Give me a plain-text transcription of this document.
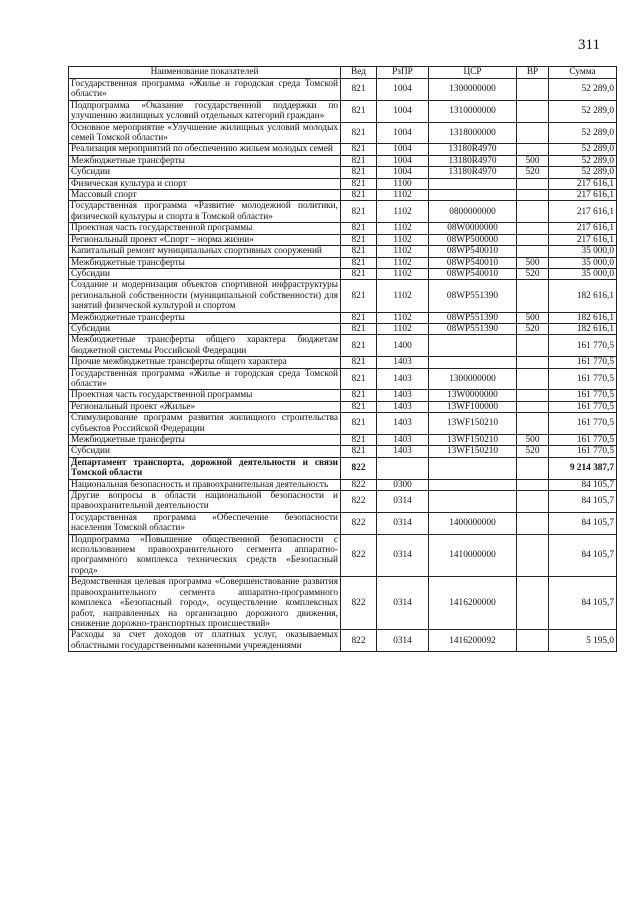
311
Наименование показателей	Вед	РзПР	ЦСР	ВР	Сумма
Государственная программа «Жилье и городская среда Томской области»	821	1004	1300000000		52 289,0
Подпрограмма «Оказание государственной поддержки по улучшению жилищных условий отдельных категорий граждан»	821	1004	1310000000		52 289,0
Основное мероприятие «Улучшение жилищных условий молодых семей Томской области»	821	1004	1318000000		52 289,0
Реализация мероприятий по обеспечению жильем молодых семей	821	1004	13180R4970		52 289,0
Межбюджетные трансферты	821	1004	13180R4970	500	52 289,0
Субсидии	821	1004	13180R4970	520	52 289,0
Физическая культура и спорт	821	1100			217 616,1
Массовый спорт	821	1102			217 616,1
Государственная программа «Развитие молодежной политики, физической культуры и спорта в Томской области»	821	1102	0800000000		217 616,1
Проектная часть государственной программы	821	1102	08W0000000		217 616,1
Региональный проект «Спорт – норма жизни»	821	1102	08WP500000		217 616,1
Капитальный ремонт муниципальных спортивных сооружений	821	1102	08WP540010		35 000,0
Межбюджетные трансферты	821	1102	08WP540010	500	35 000,0
Субсидии	821	1102	08WP540010	520	35 000,0
Создание и модернизация объектов спортивной инфраструктуры региональной собственности (муниципальной собственности) для занятий физической культурой и спортом	821	1102	08WP551390		182 616,1
Межбюджетные трансферты	821	1102	08WP551390	500	182 616,1
Субсидии	821	1102	08WP551390	520	182 616,1
Межбюджетные трансферты общего характера бюджетам бюджетной системы Российской Федерации	821	1400			161 770,5
Прочие межбюджетные трансферты общего характера	821	1403			161 770,5
Государственная программа «Жилье и городская среда Томской области»	821	1403	1300000000		161 770,5
Проектная часть государственной программы	821	1403	13W0000000		161 770,5
Региональный проект «Жилье»	821	1403	13WF100000		161 770,5
Стимулирование программ развития жилищного строительства субъектов Российской Федерации	821	1403	13WF150210		161 770,5
Межбюджетные трансферты	821	1403	13WF150210	500	161 770,5
Субсидии	821	1403	13WF150210	520	161 770,5
Департамент транспорта, дорожной деятельности и связи Томской области	822				9 214 387,7
Национальная безопасность и правоохранительная деятельность	822	0300			84 105,7
Другие вопросы в области национальной безопасности и правоохранительной деятельности	822	0314			84 105,7
Государственная программа «Обеспечение безопасности населения Томской области»	822	0314	1400000000		84 105,7
Подпрограмма «Повышение общественной безопасности с использованием правоохранительного сегмента аппаратно-программного комплекса технических средств «Безопасный город»	822	0314	1410000000		84 105,7
Ведомственная целевая программа «Совершенствование развития правоохранительного сегмента аппаратно-программного комплекса «Безопасный город», осуществление комплексных работ, направленных на организацию дорожного движения, снижение дорожно-транспортных происшествий»	822	0314	1416200000		84 105,7
Расходы за счет доходов от платных услуг, оказываемых областными государственными казенными учреждениями	822	0314	1416200092		5 195,0
